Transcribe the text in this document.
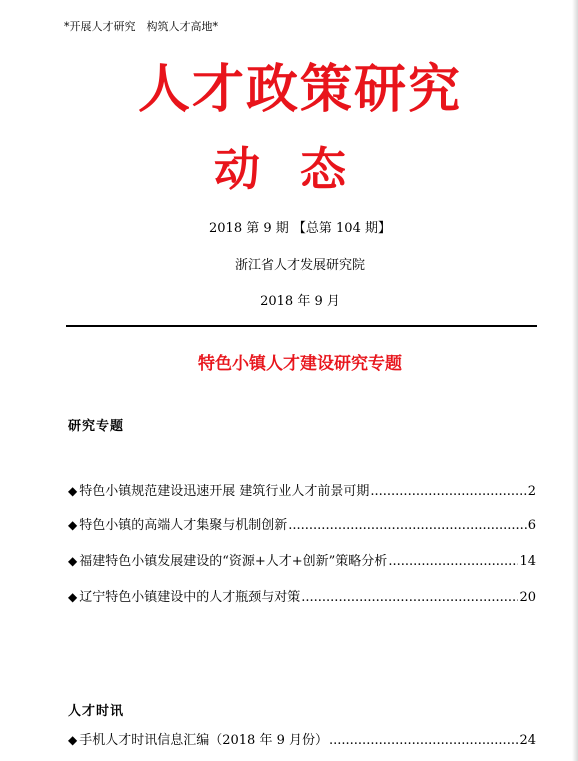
*开展人才研究　构筑人才高地*
人才政策研究
动态
2018 第 9 期 【总第 104 期】
浙江省人才发展研究院
2018 年 9 月
特色小镇人才建设研究专题
研究专题
◆ 特色小镇规范建设迅速开展 建筑行业人才前景可期 .....	2
◆ 特色小镇的高端人才集聚与机制创新 .....	6
◆ 福建特色小镇发展建设的“资源+人才+创新”策略分析 .....	14
◆ 辽宁特色小镇建设中的人才瓶颈与对策 .....	20
人才时讯
◆ 手机人才时讯信息汇编（2018 年 9 月份） .....	24
